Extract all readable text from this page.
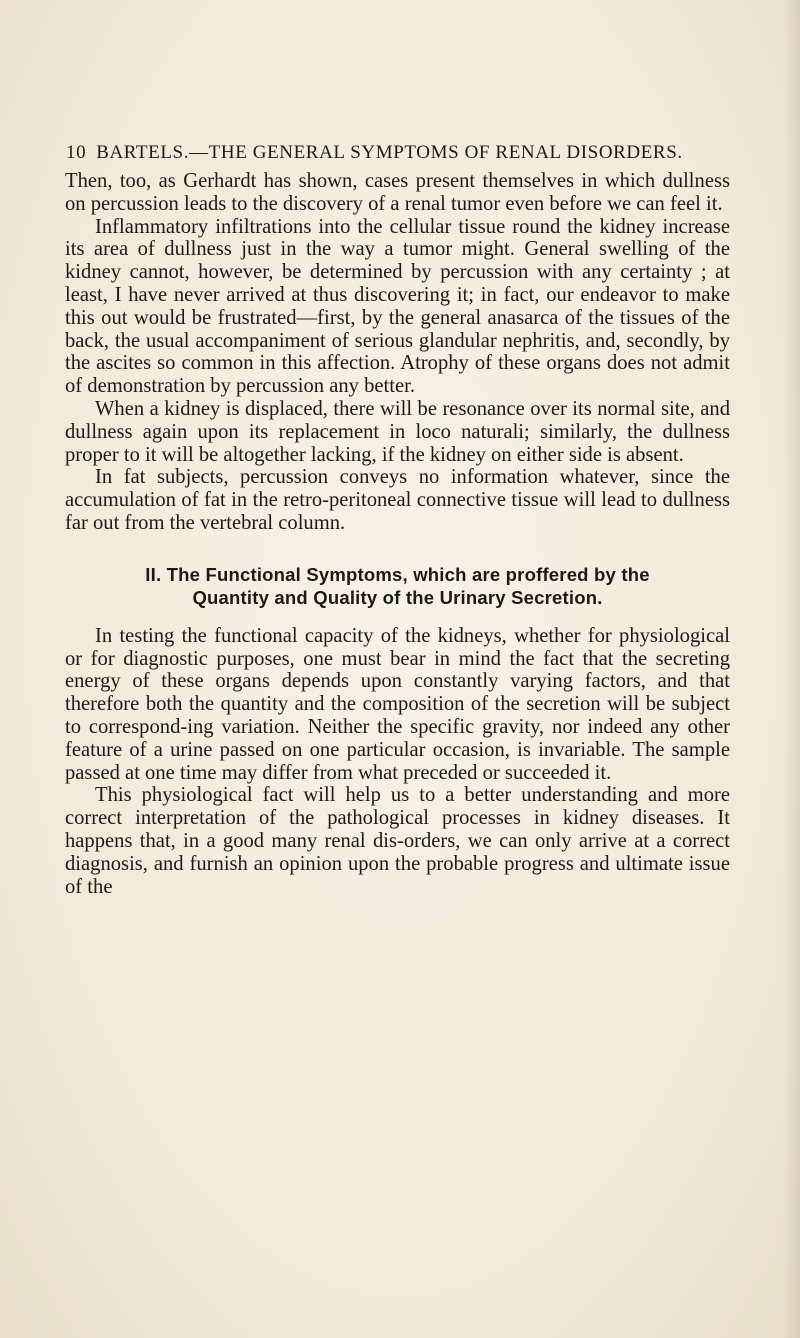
10 BARTELS.—THE GENERAL SYMPTOMS OF RENAL DISORDERS.

Then, too, as Gerhardt has shown, cases present themselves in which dullness on percussion leads to the discovery of a renal tumor even before we can feel it.

Inflammatory infiltrations into the cellular tissue round the kidney increase its area of dullness just in the way a tumor might. General swelling of the kidney cannot, however, be determined by percussion with any certainty ; at least, I have never arrived at thus discovering it; in fact, our endeavor to make this out would be frustrated—first, by the general anasarca of the tissues of the back, the usual accompaniment of serious glandular nephritis, and, secondly, by the ascites so common in this affection. Atrophy of these organs does not admit of demonstration by percussion any better.

When a kidney is displaced, there will be resonance over its normal site, and dullness again upon its replacement in loco naturali; similarly, the dullness proper to it will be altogether lacking, if the kidney on either side is absent.

In fat subjects, percussion conveys no information whatever, since the accumulation of fat in the retro-peritoneal connective tissue will lead to dullness far out from the vertebral column.

II. The Functional Symptoms, which are proffered by the
Quantity and Quality of the Urinary Secretion.

In testing the functional capacity of the kidneys, whether for physiological or for diagnostic purposes, one must bear in mind the fact that the secreting energy of these organs depends upon constantly varying factors, and that therefore both the quantity and the composition of the secretion will be subject to correspond-ing variation. Neither the specific gravity, nor indeed any other feature of a urine passed on one particular occasion, is invariable. The sample passed at one time may differ from what preceded or succeeded it.

This physiological fact will help us to a better understanding and more correct interpretation of the pathological processes in kidney diseases. It happens that, in a good many renal dis-orders, we can only arrive at a correct diagnosis, and furnish an opinion upon the probable progress and ultimate issue of the
